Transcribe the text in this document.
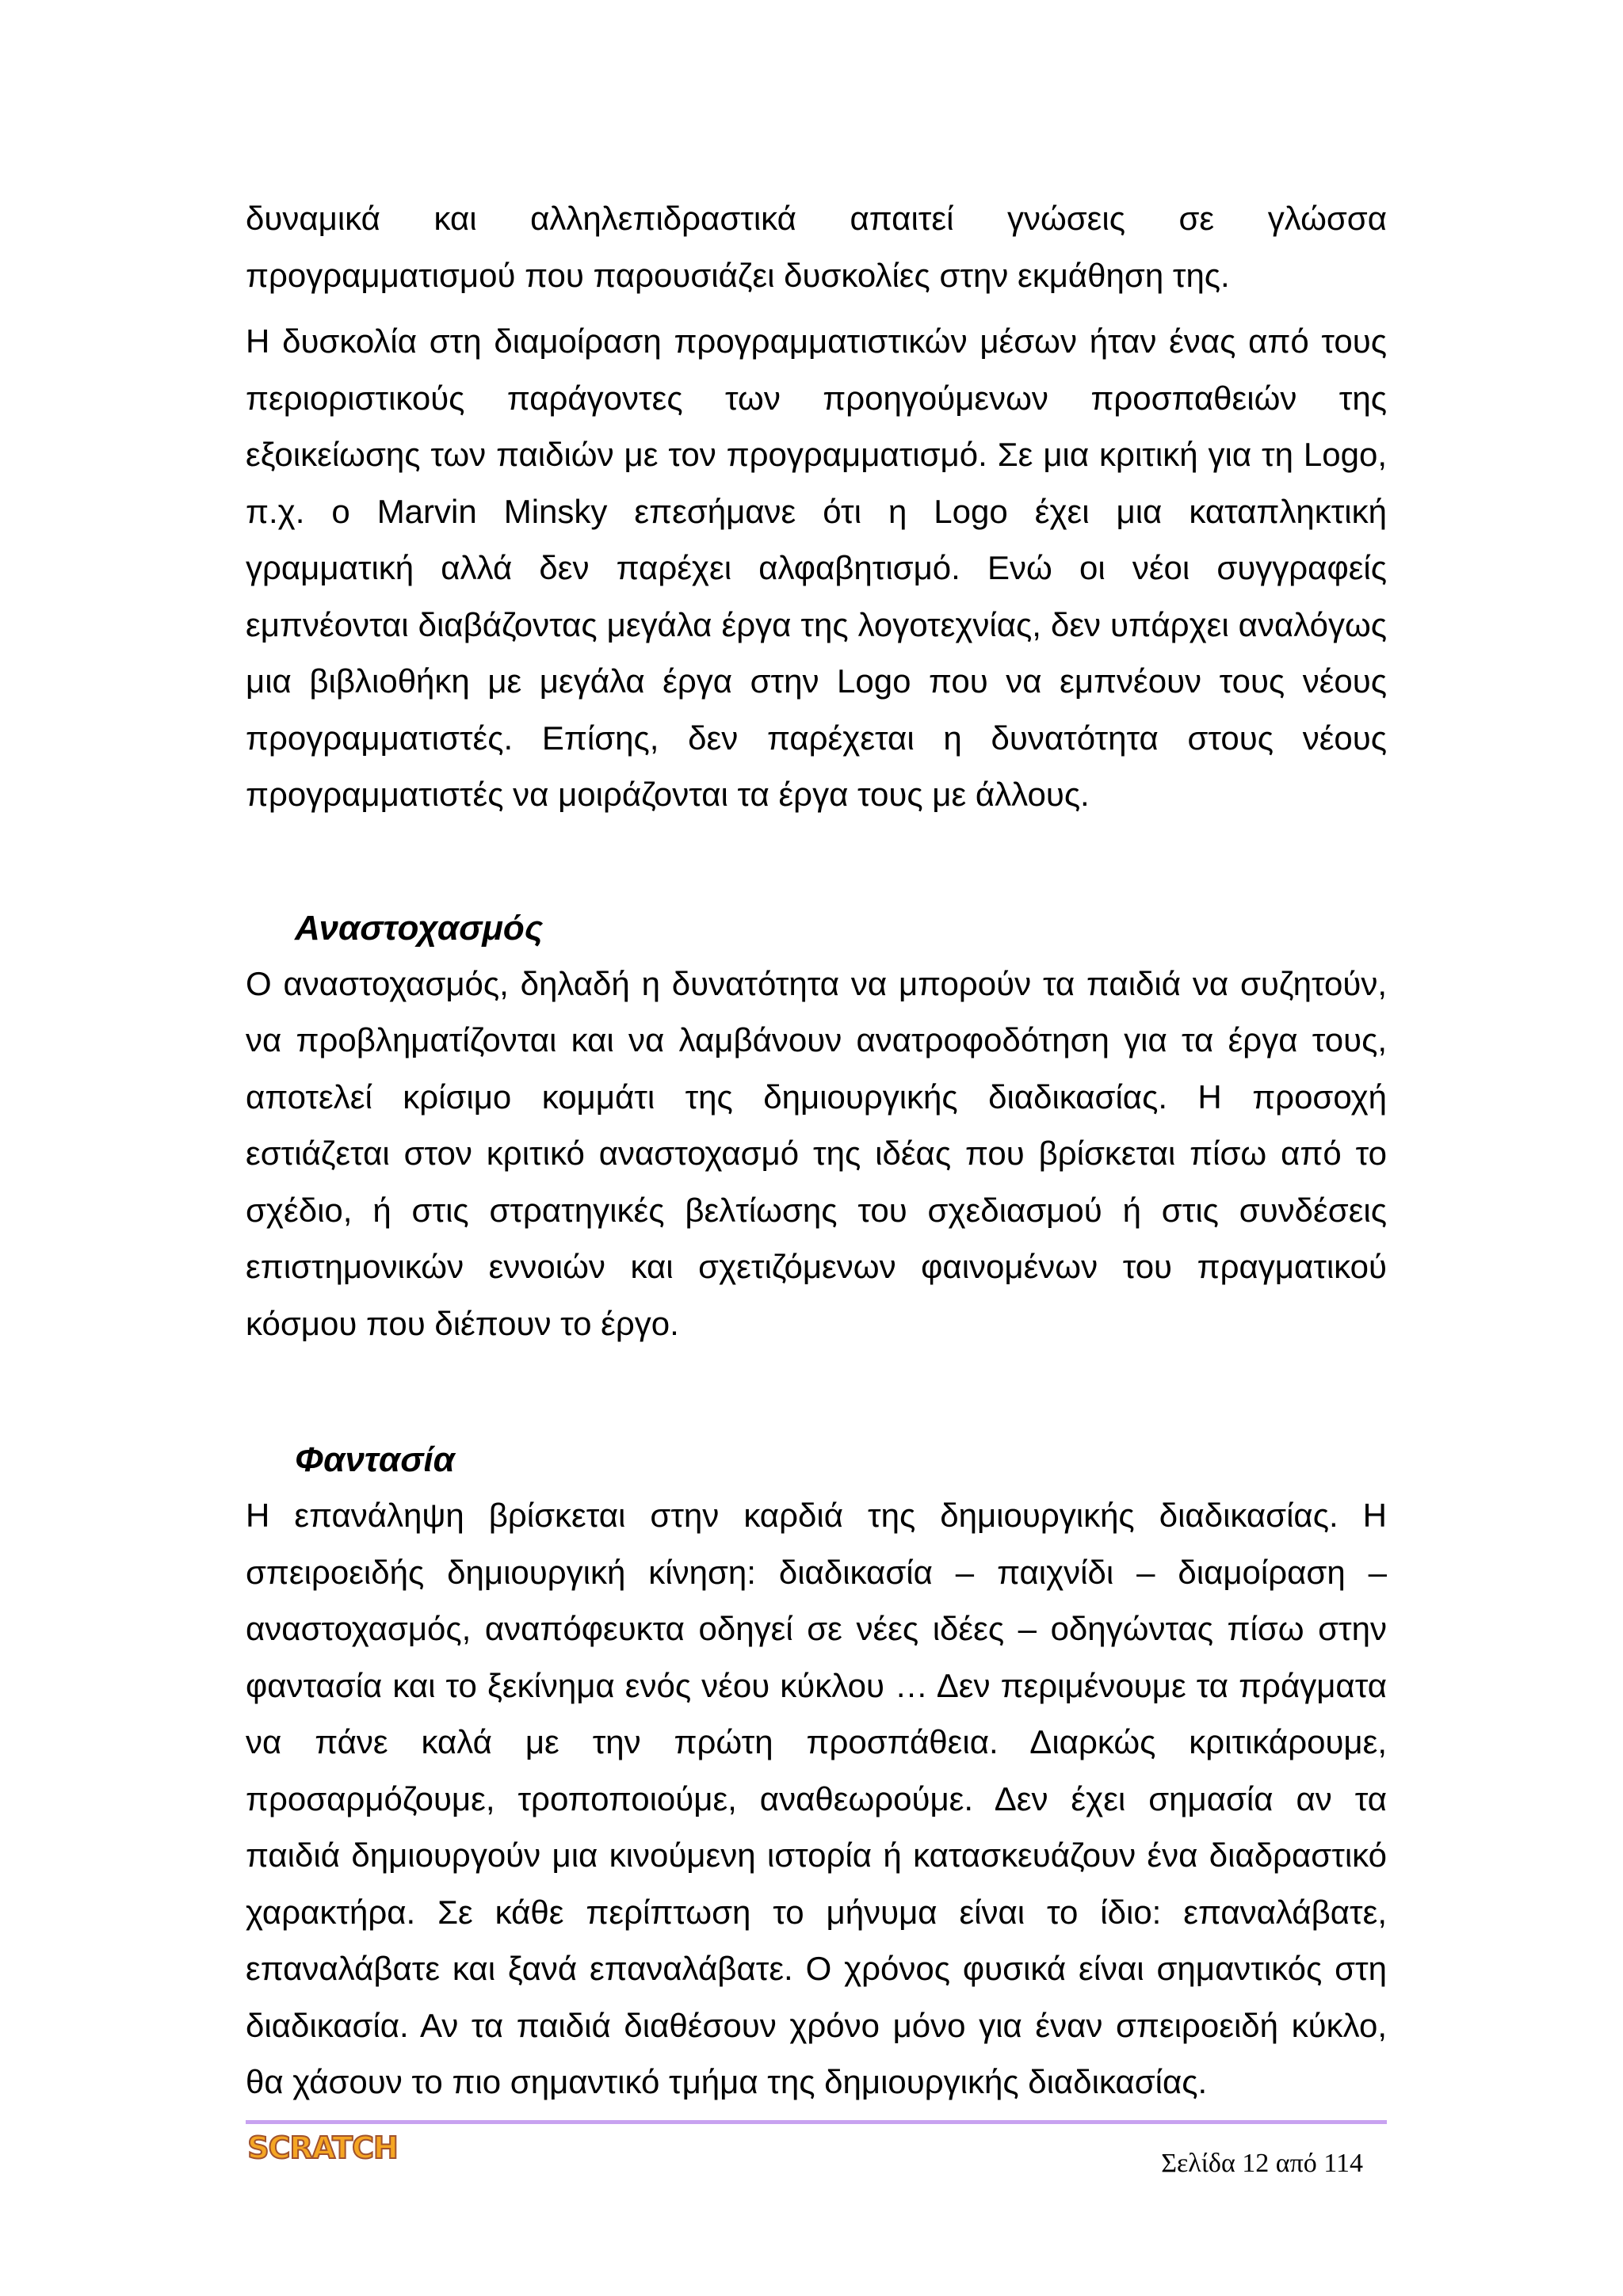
δυναμικά και αλληλεπιδραστικά απαιτεί γνώσεις σε γλώσσα προγραμματισμού που παρουσιάζει δυσκολίες στην εκμάθηση της.

Η δυσκολία στη διαμοίραση προγραμματιστικών μέσων ήταν ένας από τους περιοριστικούς παράγοντες των προηγούμενων προσπαθειών της εξοικείωσης των παιδιών με τον προγραμματισμό. Σε μια κριτική για τη Logo, π.χ. ο Marvin Minsky επεσήμανε ότι η Logo έχει μια καταπληκτική γραμματική αλλά δεν παρέχει αλφαβητισμό. Ενώ οι νέοι συγγραφείς εμπνέονται διαβάζοντας μεγάλα έργα της λογοτεχνίας, δεν υπάρχει αναλόγως μια βιβλιοθήκη με μεγάλα έργα στην Logo που να εμπνέουν τους νέους προγραμματιστές. Επίσης, δεν παρέχεται η δυνατότητα στους νέους προγραμματιστές να μοιράζονται τα έργα τους με άλλους.

Αναστοχασμός

Ο αναστοχασμός, δηλαδή η δυνατότητα να μπορούν τα παιδιά να συζητούν, να προβληματίζονται και να λαμβάνουν ανατροφοδότηση για τα έργα τους, αποτελεί κρίσιμο κομμάτι της δημιουργικής διαδικασίας. Η προσοχή εστιάζεται στον κριτικό αναστοχασμό της ιδέας που βρίσκεται πίσω από το σχέδιο, ή στις στρατηγικές βελτίωσης του σχεδιασμού ή στις συνδέσεις επιστημονικών εννοιών και σχετιζόμενων φαινομένων του πραγματικού κόσμου που διέπουν το έργο.

Φαντασία

Η επανάληψη βρίσκεται στην καρδιά της δημιουργικής διαδικασίας. Η σπειροειδής δημιουργική κίνηση: διαδικασία – παιχνίδι – διαμοίραση – αναστοχασμός, αναπόφευκτα οδηγεί σε νέες ιδέες – οδηγώντας πίσω στην φαντασία και το ξεκίνημα ενός νέου κύκλου … Δεν περιμένουμε τα πράγματα να πάνε καλά με την πρώτη προσπάθεια. Διαρκώς κριτικάρουμε, προσαρμόζουμε, τροποποιούμε, αναθεωρούμε. Δεν έχει σημασία αν τα παιδιά δημιουργούν μια κινούμενη ιστορία ή κατασκευάζουν ένα διαδραστικό χαρακτήρα. Σε κάθε περίπτωση το μήνυμα είναι το ίδιο: επαναλάβατε, επαναλάβατε και ξανά επαναλάβατε. Ο χρόνος φυσικά είναι σημαντικός στη διαδικασία. Αν τα παιδιά διαθέσουν χρόνο μόνο για έναν σπειροειδή κύκλο, θα χάσουν το πιο σημαντικό τμήμα της δημιουργικής διαδικασίας.

SCRATCH	Σελίδα 12 από 114
